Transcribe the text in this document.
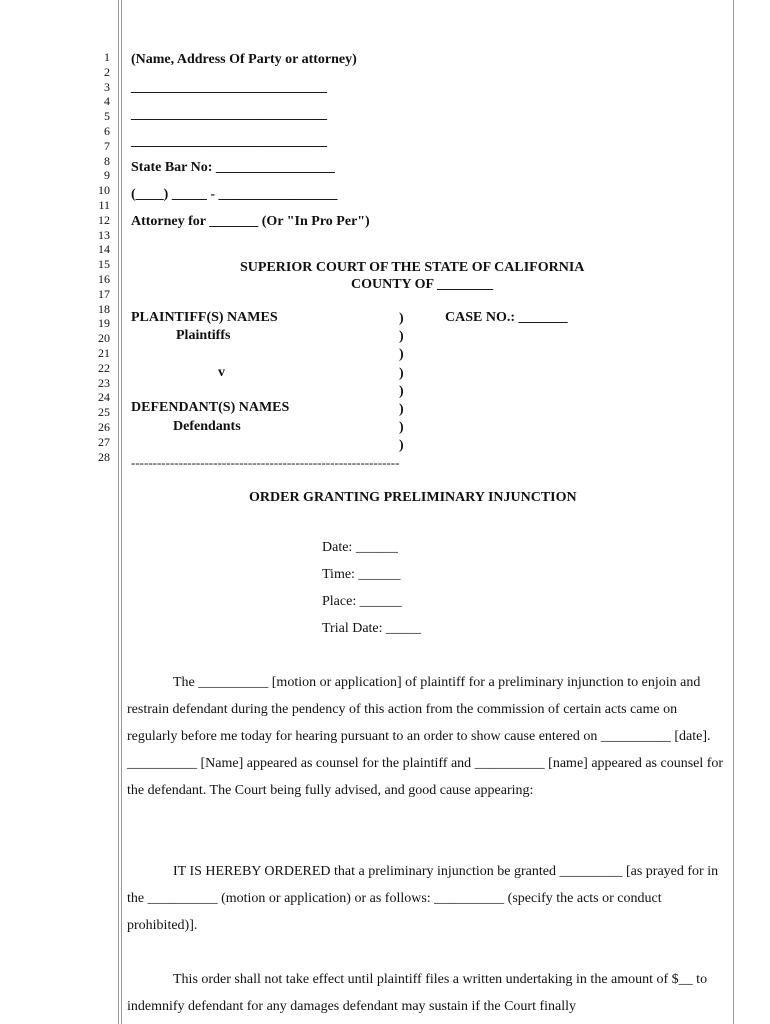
1
2
3
4
5
6
7
8
9
10
11
12
13
14
15
16
17
18
19
20
21
22
23
24
25
26
27
28
(Name, Address Of Party or attorney)
____________________________
____________________________
____________________________
State Bar No: _________________
(____) _____ - _________________
Attorney for _______ (Or "In Pro Per")
SUPERIOR COURT OF THE STATE OF CALIFORNIA
COUNTY OF ________
PLAINTIFF(S) NAMES
Plaintiffs
v
DEFENDANT(S) NAMES
Defendants
CASE NO.: _______
)
)
)
)
)
)
)
)
--------------------------------------------------------------
ORDER GRANTING PRELIMINARY INJUNCTION
Date: ______
Time: ______
Place: ______
Trial Date: _____

The __________ [motion or application] of plaintiff for a preliminary injunction to enjoin and restrain defendant during the pendency of this action from the commission of certain acts came on regularly before me today for hearing pursuant to an order to show cause entered on __________ [date]. __________ [Name] appeared as counsel for the plaintiff and __________ [name] appeared as counsel for the defendant. The Court being fully advised, and good cause appearing:

IT IS HEREBY ORDERED that a preliminary injunction be granted _________ [as prayed for in the __________ (motion or application) or as follows: __________ (specify the acts or conduct prohibited)].

This order shall not take effect until plaintiff files a written undertaking in the amount of $__ to indemnify defendant for any damages defendant may sustain if the Court finally
